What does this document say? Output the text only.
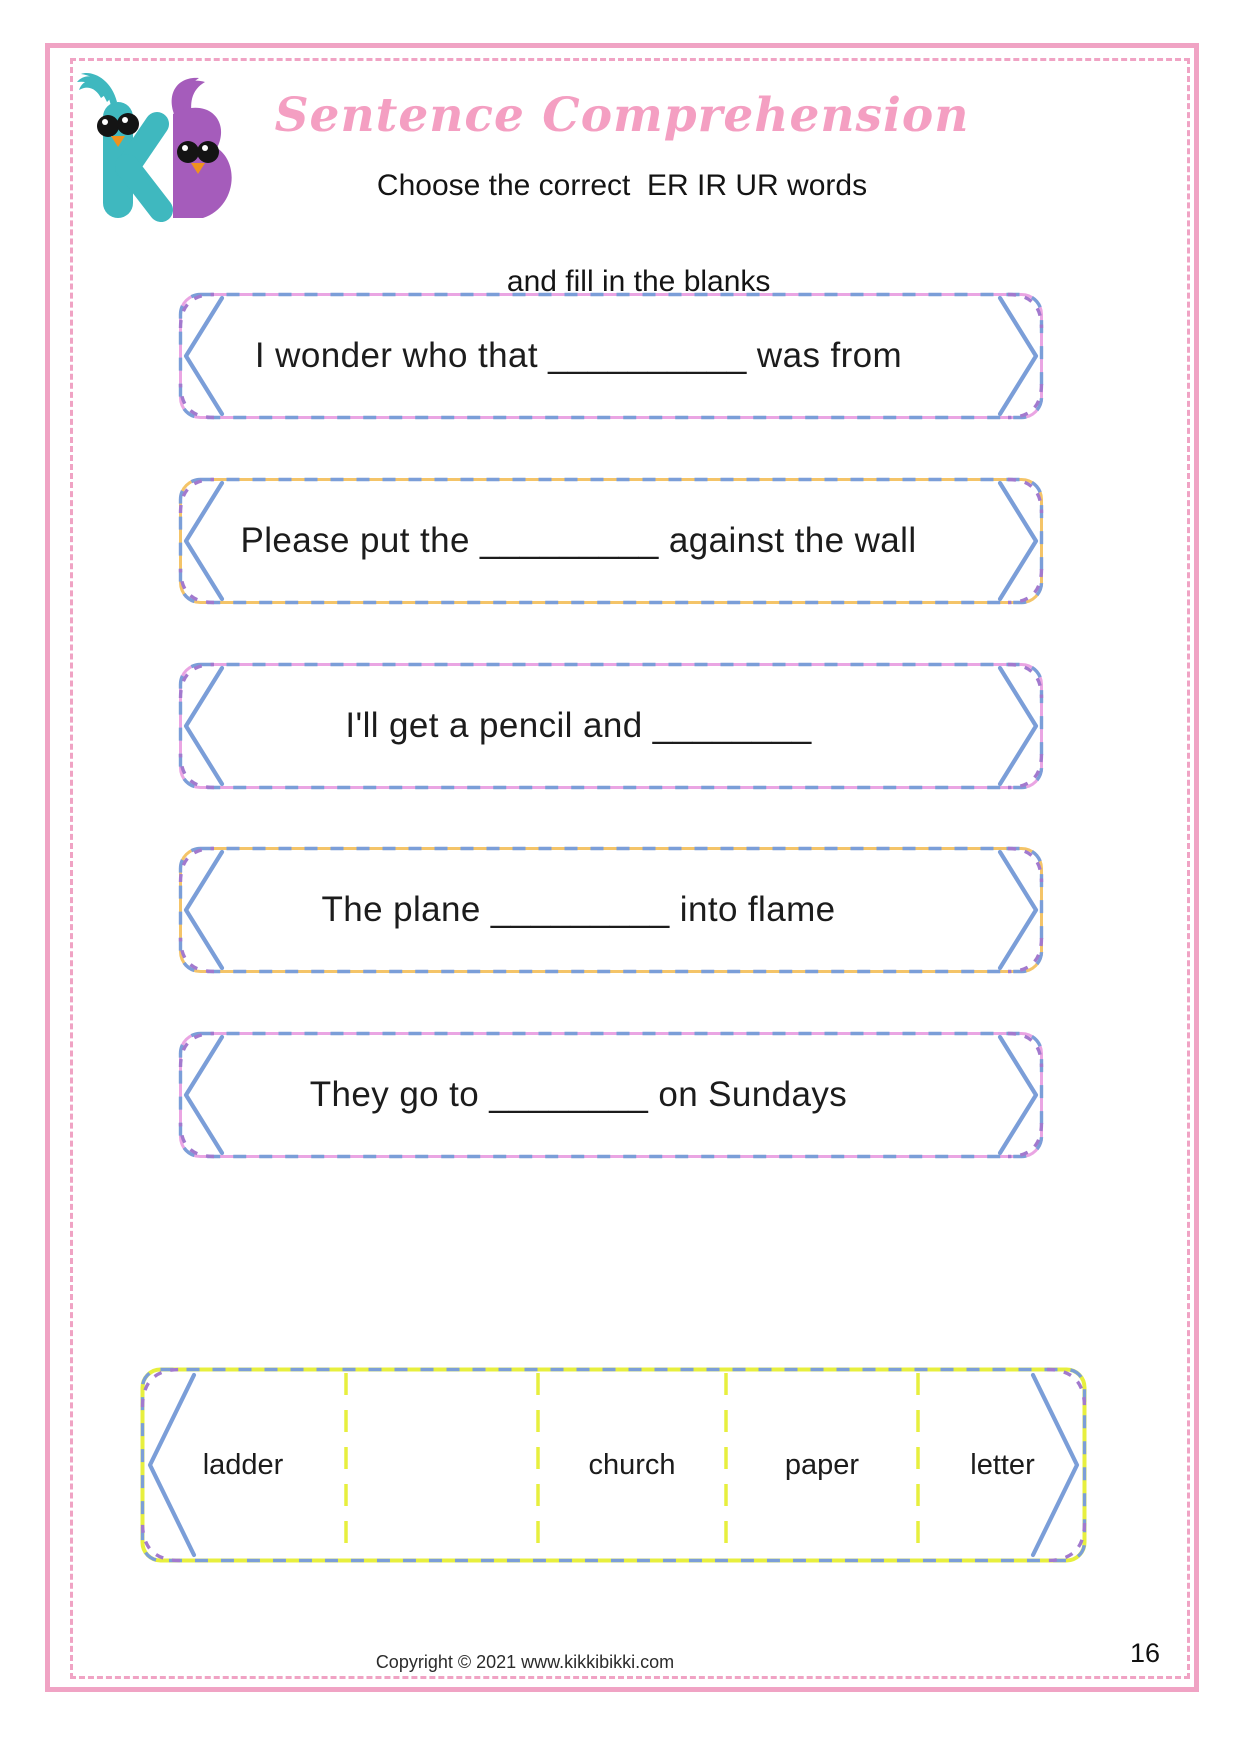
Sentence Comprehension
Choose the correct  ER IR UR words

and fill in the blanks
I wonder who that __________ was from
Please put the _________ against the wall
I'll get a pencil and ________
The plane _________ into flame
They go to ________ on Sundays
ladder	church	paper	letter
Copyright © 2021 www.kikkibikki.com	16
